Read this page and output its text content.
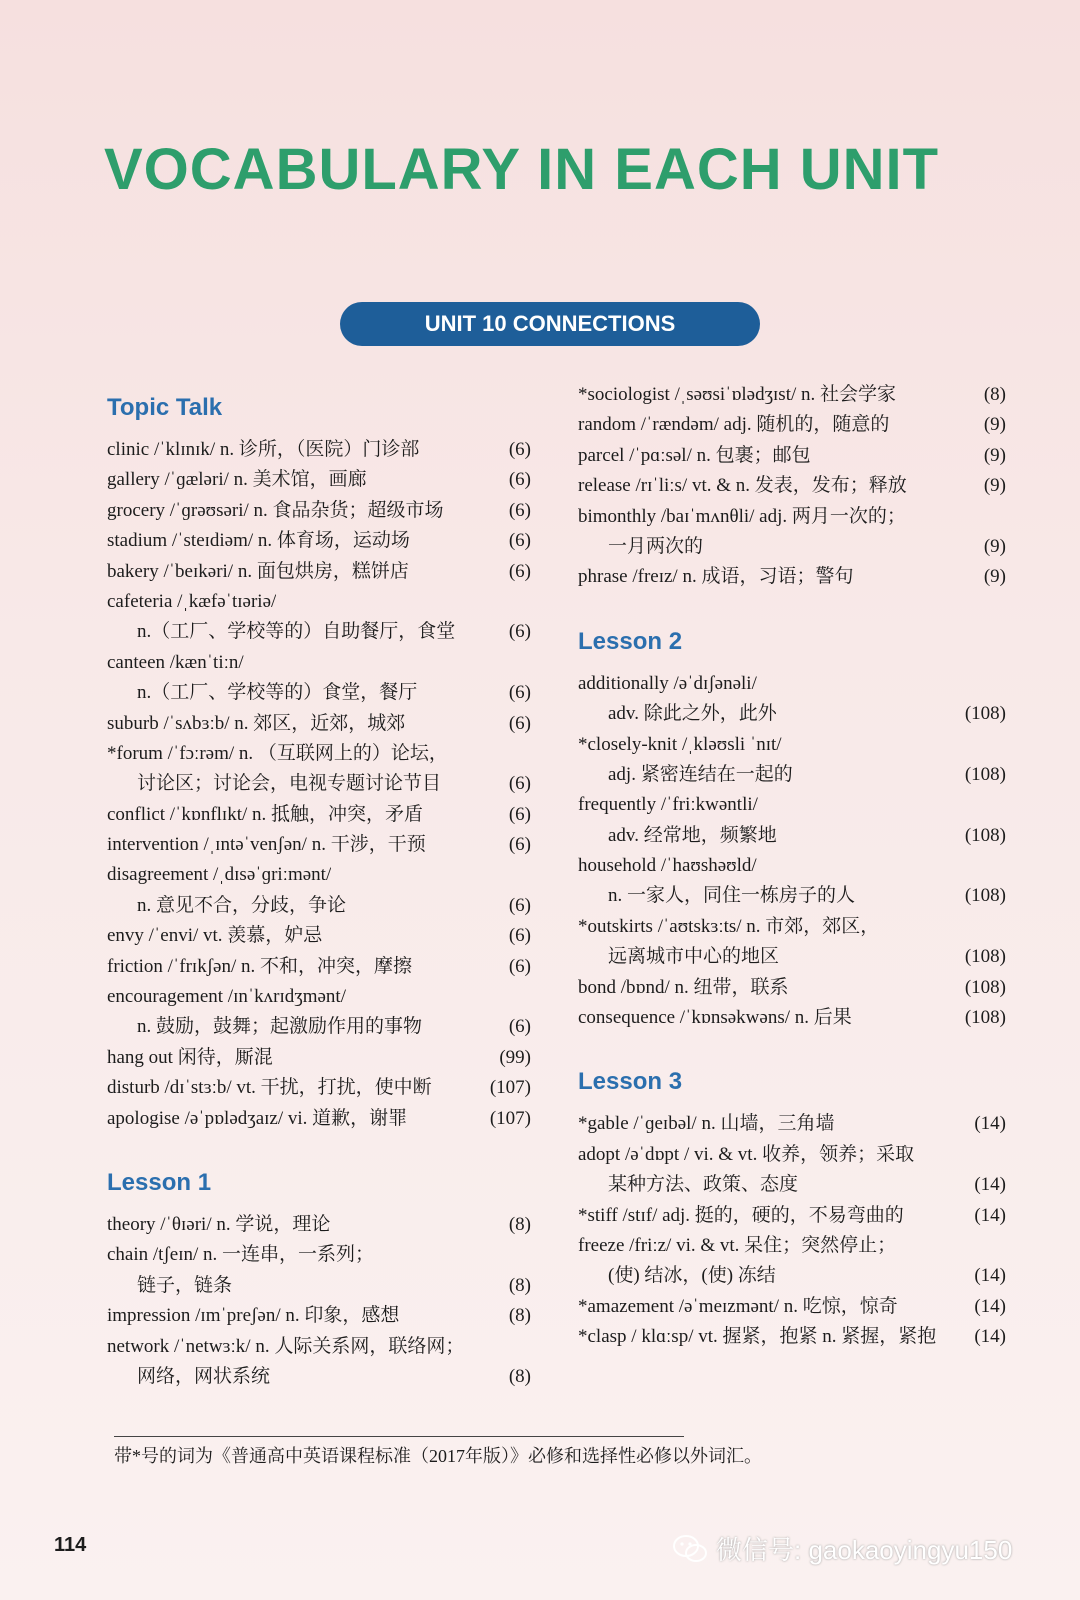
VOCABULARY IN EACH UNIT
UNIT 10 CONNECTIONS
Topic Talk
clinic /ˈklɪnɪk/ n. 诊所，（医院）门诊部	(6)
gallery /ˈɡæləri/ n. 美术馆，画廊	(6)
grocery /ˈɡrəʊsəri/ n. 食品杂货；超级市场	(6)
stadium /ˈsteɪdiəm/ n. 体育场，运动场	(6)
bakery /ˈbeɪkəri/ n. 面包烘房，糕饼店	(6)
cafeteria /ˌkæfəˈtɪəriə/
n.（工厂、学校等的）自助餐厅，食堂	(6)
canteen /kænˈtiːn/
n.（工厂、学校等的）食堂，餐厅	(6)
suburb /ˈsʌbɜːb/ n. 郊区，近郊，城郊	(6)
*forum /ˈfɔːrəm/ n. （互联网上的）论坛，
讨论区；讨论会，电视专题讨论节目	(6)
conflict /ˈkɒnflɪkt/ n. 抵触，冲突，矛盾	(6)
intervention /ˌɪntəˈvenʃən/ n. 干涉，干预	(6)
disagreement /ˌdɪsəˈɡriːmənt/
n. 意见不合，分歧，争论	(6)
envy /ˈenvi/ vt. 羡慕，妒忌	(6)
friction /ˈfrɪkʃən/ n. 不和，冲突，摩擦	(6)
encouragement /ɪnˈkʌrɪdʒmənt/
n. 鼓励，鼓舞；起激励作用的事物	(6)
hang out 闲待，厮混	(99)
disturb /dɪˈstɜːb/ vt. 干扰，打扰，使中断	(107)
apologise /əˈpɒlədʒaɪz/ vi. 道歉，谢罪	(107)
Lesson 1
theory /ˈθɪəri/ n. 学说，理论	(8)
chain /tʃeɪn/ n. 一连串，一系列；
链子，链条	(8)
impression /ɪmˈpreʃən/ n. 印象，感想	(8)
network /ˈnetwɜːk/ n. 人际关系网，联络网；
网络，网状系统	(8)
*sociologist /ˌsəʊsiˈɒlədʒɪst/ n. 社会学家	(8)
random /ˈrændəm/ adj. 随机的，随意的	(9)
parcel /ˈpɑːsəl/ n. 包裹；邮包	(9)
release /rɪˈliːs/ vt. & n. 发表，发布；释放	(9)
bimonthly /baɪˈmʌnθli/ adj. 两月一次的；
一月两次的	(9)
phrase /freɪz/ n. 成语，习语；警句	(9)
Lesson 2
additionally /əˈdɪʃənəli/
adv. 除此之外，此外	(108)
*closely-knit /ˌkləʊsli ˈnɪt/
adj. 紧密连结在一起的	(108)
frequently /ˈfriːkwəntli/
adv. 经常地，频繁地	(108)
household /ˈhaʊshəʊld/
n. 一家人，同住一栋房子的人	(108)
*outskirts /ˈaʊtskɜːts/ n. 市郊，郊区，
远离城市中心的地区	(108)
bond /bɒnd/ n. 纽带，联系	(108)
consequence /ˈkɒnsəkwəns/ n. 后果	(108)
Lesson 3
*gable /ˈɡeɪbəl/ n. 山墙，三角墙	(14)
adopt /əˈdɒpt / vi. & vt. 收养，领养；采取
某种方法、政策、态度	(14)
*stiff /stɪf/ adj. 挺的，硬的，不易弯曲的	(14)
freeze /friːz/ vi. & vt. 呆住；突然停止；
(使) 结冰，(使) 冻结	(14)
*amazement /əˈmeɪzmənt/ n. 吃惊，惊奇	(14)
*clasp / klɑːsp/ vt. 握紧，抱紧 n. 紧握，紧抱	(14)
带*号的词为《普通高中英语课程标准（2017年版）》必修和选择性必修以外词汇。
114	微信号: gaokaoyingyu150
